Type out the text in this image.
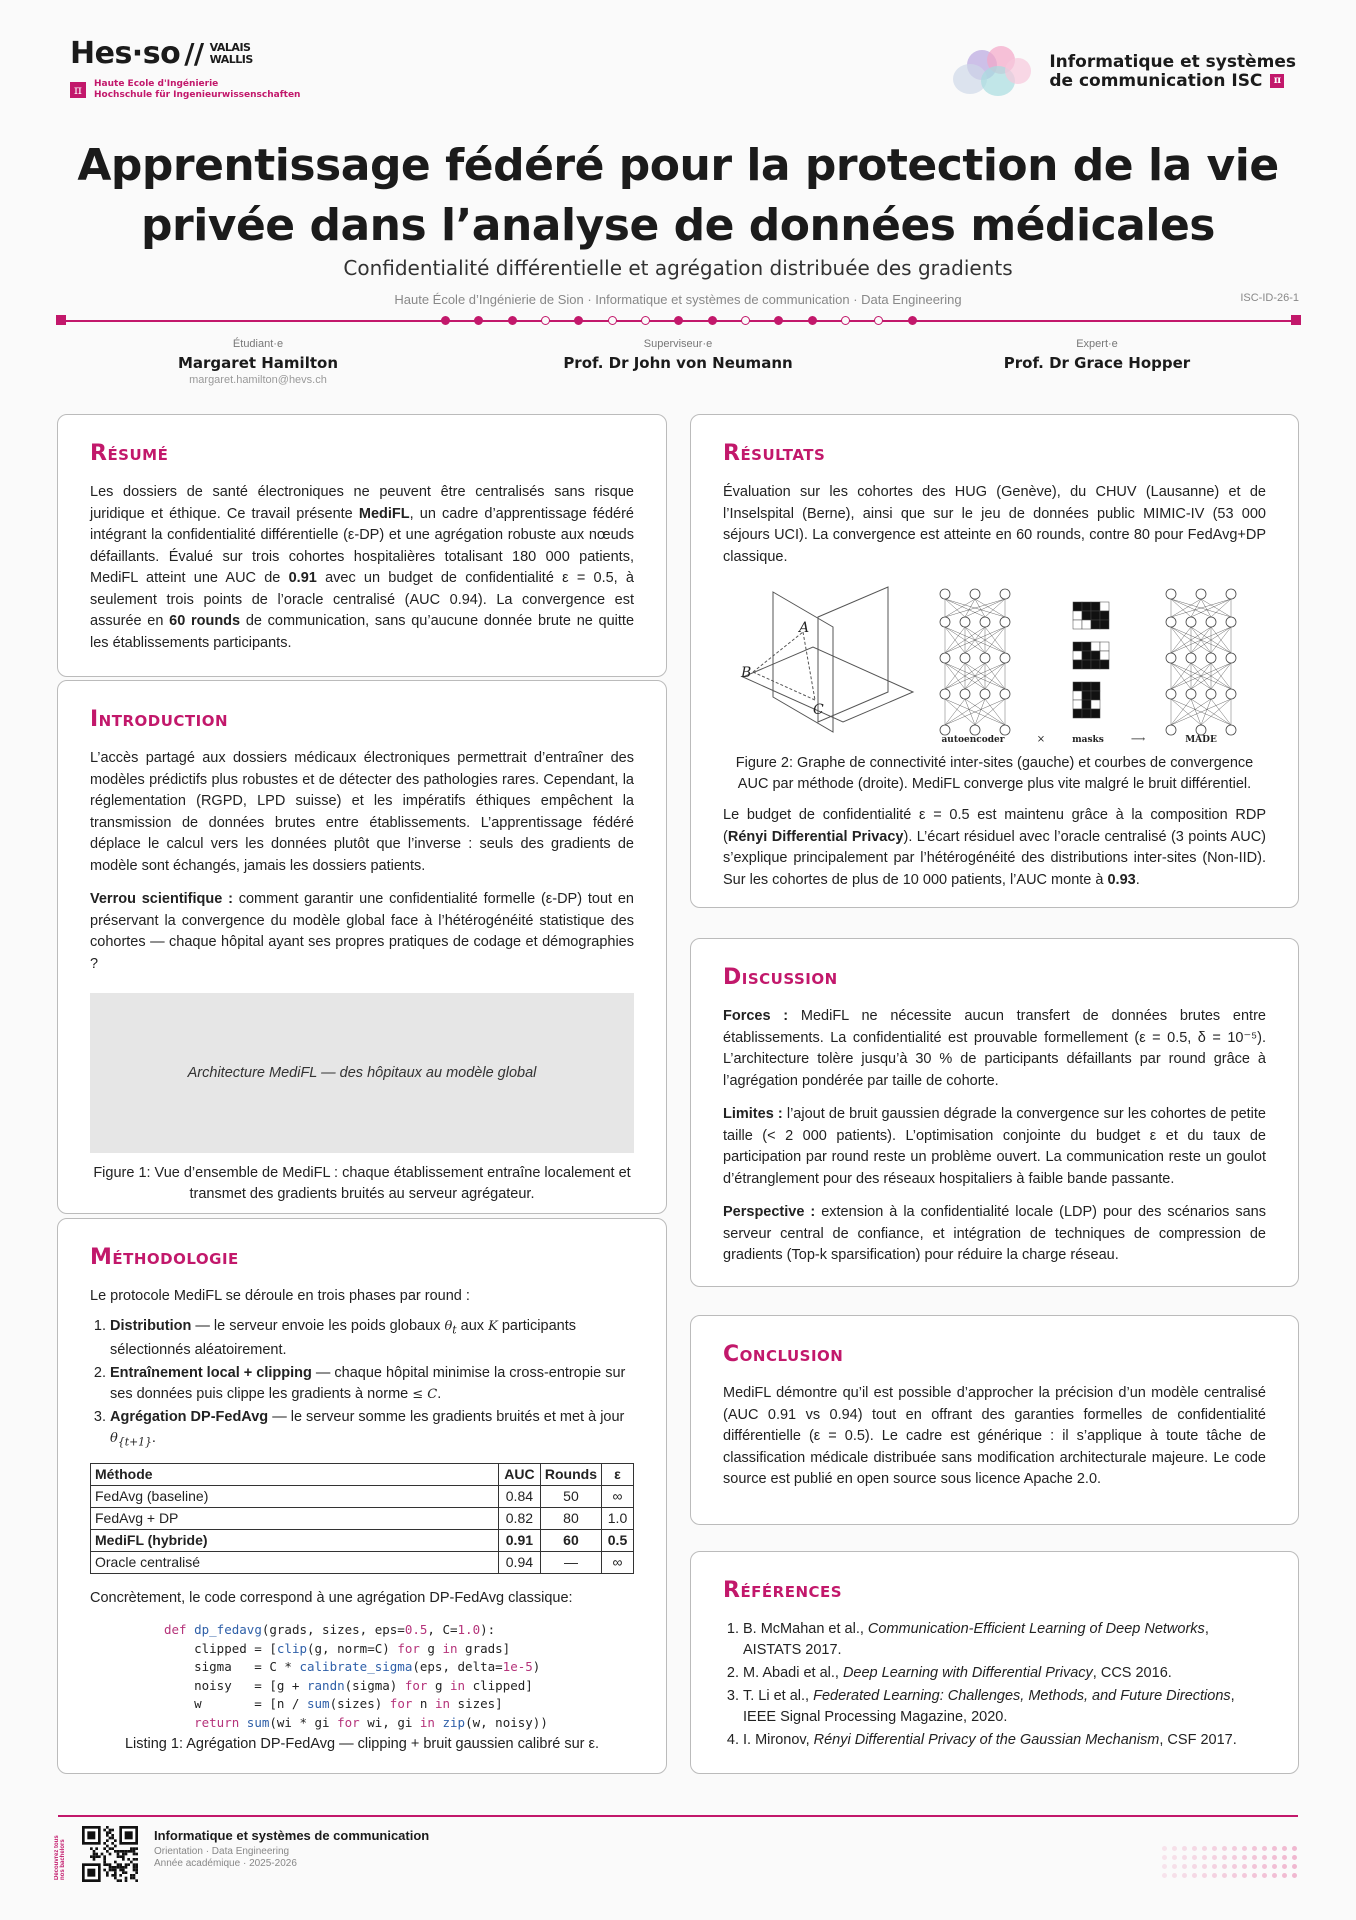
Hes·so // VALAIS
WALLIS
π	Haute Ecole d'Ingénierie
Hochschule für Ingenieurwissenschaften
Informatique et systèmes
de communication ISC π
Apprentissage fédéré pour la protection de la vie
privée dans l’analyse de données médicales
Confidentialité différentielle et agrégation distribuée des gradients
Haute École d’Ingénierie de Sion · Informatique et systèmes de communication · Data Engineering	ISC-ID-26-1
Étudiant·e
Margaret Hamilton
margaret.hamilton@hevs.ch
Superviseur·e
Prof. Dr John von Neumann
Expert·e
Prof. Dr Grace Hopper
Résumé

Les dossiers de santé électroniques ne peuvent être centralisés sans risque juridique et éthique. Ce travail présente MediFL, un cadre d’apprentissage fédéré intégrant la confidentialité différentielle (ε-DP) et une agrégation robuste aux nœuds défaillants. Évalué sur trois cohortes hospitalières totalisant 180 000 patients, MediFL atteint une AUC de 0.91 avec un budget de confidentialité ε = 0.5, à seulement trois points de l’oracle centralisé (AUC 0.94). La convergence est assurée en 60 rounds de communication, sans qu’aucune donnée brute ne quitte les établissements participants.

Introduction

L’accès partagé aux dossiers médicaux électroniques permettrait d’entraîner des modèles prédictifs plus robustes et de détecter des pathologies rares. Cependant, la réglementation (RGPD, LPD suisse) et les impératifs éthiques empêchent la transmission de données brutes entre établissements. L’apprentissage fédéré déplace le calcul vers les données plutôt que l’inverse : seuls des gradients de modèle sont échangés, jamais les dossiers patients.

Verrou scientifique : comment garantir une confidentialité formelle (ε-DP) tout en préservant la convergence du modèle global face à l’hétérogénéité statistique des cohortes — chaque hôpital ayant ses propres pratiques de codage et démographies ?

Architecture MediFL — des hôpitaux au modèle global
Figure 1: Vue d’ensemble de MediFL : chaque établissement entraîne localement et transmet des gradients bruités au serveur agrégateur.
Méthodologie

Le protocole MediFL se déroule en trois phases par round :

1. Distribution — le serveur envoie les poids globaux $\theta_t$ aux K participants sélectionnés aléatoirement.
2. Entraînement local + clipping — chaque hôpital minimise la cross-entropie sur ses données puis clippe les gradients à norme ≤ C.
3. Agrégation DP-FedAvg — le serveur somme les gradients bruités et met à jour $\theta_{\{t+1\}}$.
Méthode	AUC	Rounds	ε
FedAvg (baseline)	0.84	50	∞
FedAvg + DP	0.82	80	1.0
MediFL (hybride)	0.91	60	0.5
Oracle centralisé	0.94	—	∞

Concrètement, le code correspond à une agrégation DP-FedAvg classique:

def dp_fedavg(grads, sizes, eps=0.5, C=1.0):
clipped = [clip(g, norm=C) for g in grads]
sigma   = C * calibrate_sigma(eps, delta=1e-5)
noisy   = [g + randn(sigma) for g in clipped]
w       = [n / sum(sizes) for n in sizes]
return sum(wi * gi for wi, gi in zip(w, noisy))
Listing 1: Agrégation DP-FedAvg — clipping + bruit gaussien calibré sur ε.
Résultats

Évaluation sur les cohortes des HUG (Genève), du CHUV (Lausanne) et de l’Inselspital (Berne), ainsi que sur le jeu de données public MIMIC-IV (53 000 séjours UCI). La convergence est atteinte en 60 rounds, contre 80 pour FedAvg+DP classique.

A
B
C
autoencoder	×	masks	⟶	MADE
Figure 2: Graphe de connectivité inter-sites (gauche) et courbes de convergence AUC par méthode (droite). MediFL converge plus vite malgré le bruit différentiel.

Le budget de confidentialité ε = 0.5 est maintenu grâce à la composition RDP (Rényi Differential Privacy). L’écart résiduel avec l’oracle centralisé (3 points AUC) s’explique principalement par l’hétérogénéité des distributions inter-sites (Non-IID). Sur les cohortes de plus de 10 000 patients, l’AUC monte à 0.93.

Discussion

Forces : MediFL ne nécessite aucun transfert de données brutes entre établissements. La confidentialité est prouvable formellement (ε = 0.5, δ = 10⁻⁵). L’architecture tolère jusqu’à 30 % de participants défaillants par round grâce à l’agrégation pondérée par taille de cohorte.

Limites : l’ajout de bruit gaussien dégrade la convergence sur les cohortes de petite taille (< 2 000 patients). L’optimisation conjointe du budget ε et du taux de participation par round reste un problème ouvert. La communication reste un goulot d’étranglement pour des réseaux hospitaliers à faible bande passante.

Perspective : extension à la confidentialité locale (LDP) pour des scénarios sans serveur central de confiance, et intégration de techniques de compression de gradients (Top-k sparsification) pour réduire la charge réseau.

Conclusion

MediFL démontre qu’il est possible d’approcher la précision d’un modèle centralisé (AUC 0.91 vs 0.94) tout en offrant des garanties formelles de confidentialité différentielle (ε = 0.5). Le cadre est générique : il s’applique à toute tâche de classification médicale distribuée sans modification architecturale majeure. Le code source est publié en open source sous licence Apache 2.0.

Références
1. B. McMahan et al., Communication-Efficient Learning of Deep Networks, AISTATS 2017.
2. M. Abadi et al., Deep Learning with Differential Privacy, CCS 2016.
3. T. Li et al., Federated Learning: Challenges, Methods, and Future Directions, IEEE Signal Processing Magazine, 2020.
4. I. Mironov, Rényi Differential Privacy of the Gaussian Mechanism, CSF 2017.
Découvrez tous nos bachelors
Informatique et systèmes de communication
Orientation · Data Engineering
Année académique · 2025-2026
